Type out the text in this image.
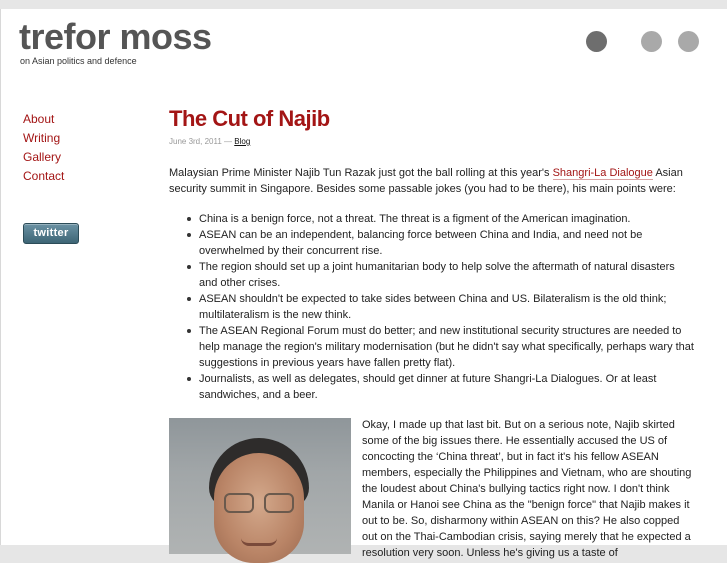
trefor moss
on Asian politics and defence
About
Writing
Gallery
Contact
twitter
The Cut of Najib
June 3rd, 2011 — Blog

Malaysian Prime Minister Najib Tun Razak just got the ball rolling at this year's Shangri-La Dialogue Asian security summit in Singapore. Besides some passable jokes (you had to be there), his main points were:

China is a benign force, not a threat. The threat is a figment of the American imagination.
ASEAN can be an independent, balancing force between China and India, and need not be overwhelmed by their concurrent rise.
The region should set up a joint humanitarian body to help solve the aftermath of natural disasters and other crises.
ASEAN shouldn't be expected to take sides between China and US. Bilateralism is the old think; multilateralism is the new think.
The ASEAN Regional Forum must do better; and new institutional security structures are needed to help manage the region's military modernisation (but he didn't say what specifically, perhaps wary that suggestions in previous years have fallen pretty flat).
Journalists, as well as delegates, should get dinner at future Shangri-La Dialogues. Or at least sandwiches, and a beer.

Okay, I made up that last bit. But on a serious note, Najib skirted some of the big issues there. He essentially accused the US of concocting the ‘China threat’, but in fact it's his fellow ASEAN members, especially the Philippines and Vietnam, who are shouting the loudest about China's bullying tactics right now. I don't think Manila or Hanoi see China as the "benign force" that Najib makes it out to be. So, disharmony within ASEAN on this? He also copped out on the Thai-Cambodian crisis, saying merely that he expected a resolution very soon. Unless he's giving us a taste of
